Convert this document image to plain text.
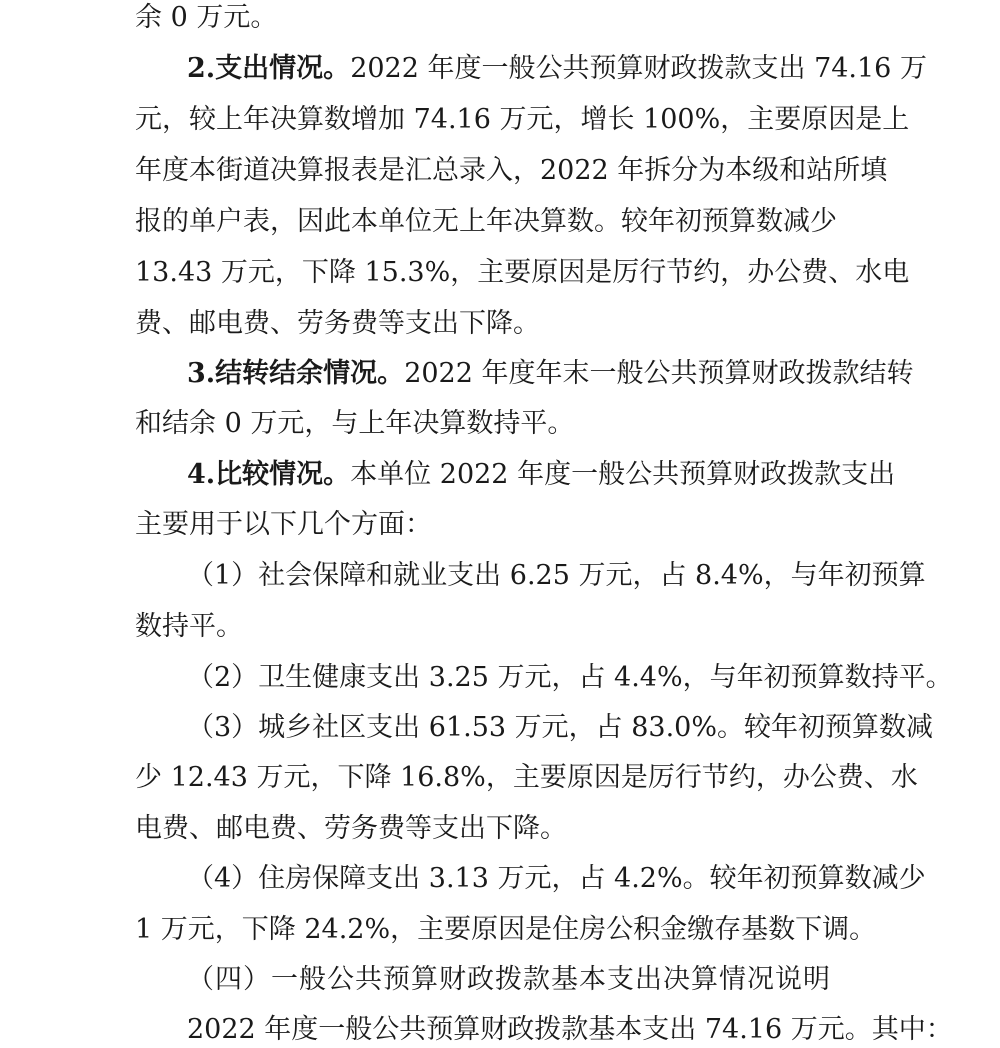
余 0 万元。
2.支出情况。2022 年度一般公共预算财政拨款支出 74.16 万
元，较上年决算数增加 74.16 万元，增长 100%，主要原因是上
年度本街道决算报表是汇总录入，2022 年拆分为本级和站所填
报的单户表，因此本单位无上年决算数。较年初预算数减少
13.43 万元，下降 15.3%，主要原因是厉行节约，办公费、水电
费、邮电费、劳务费等支出下降。
3.结转结余情况。2022 年度年末一般公共预算财政拨款结转
和结余 0 万元，与上年决算数持平。
4.比较情况。本单位 2022 年度一般公共预算财政拨款支出
主要用于以下几个方面：
（1）社会保障和就业支出 6.25 万元，占 8.4%，与年初预算
数持平。
（2）卫生健康支出 3.25 万元，占 4.4%，与年初预算数持平。
（3）城乡社区支出 61.53 万元，占 83.0%。较年初预算数减
少 12.43 万元，下降 16.8%，主要原因是厉行节约，办公费、水
电费、邮电费、劳务费等支出下降。
（4）住房保障支出 3.13 万元，占 4.2%。较年初预算数减少
1 万元，下降 24.2%，主要原因是住房公积金缴存基数下调。
（四）一般公共预算财政拨款基本支出决算情况说明
2022 年度一般公共预算财政拨款基本支出 74.16 万元。其中：
